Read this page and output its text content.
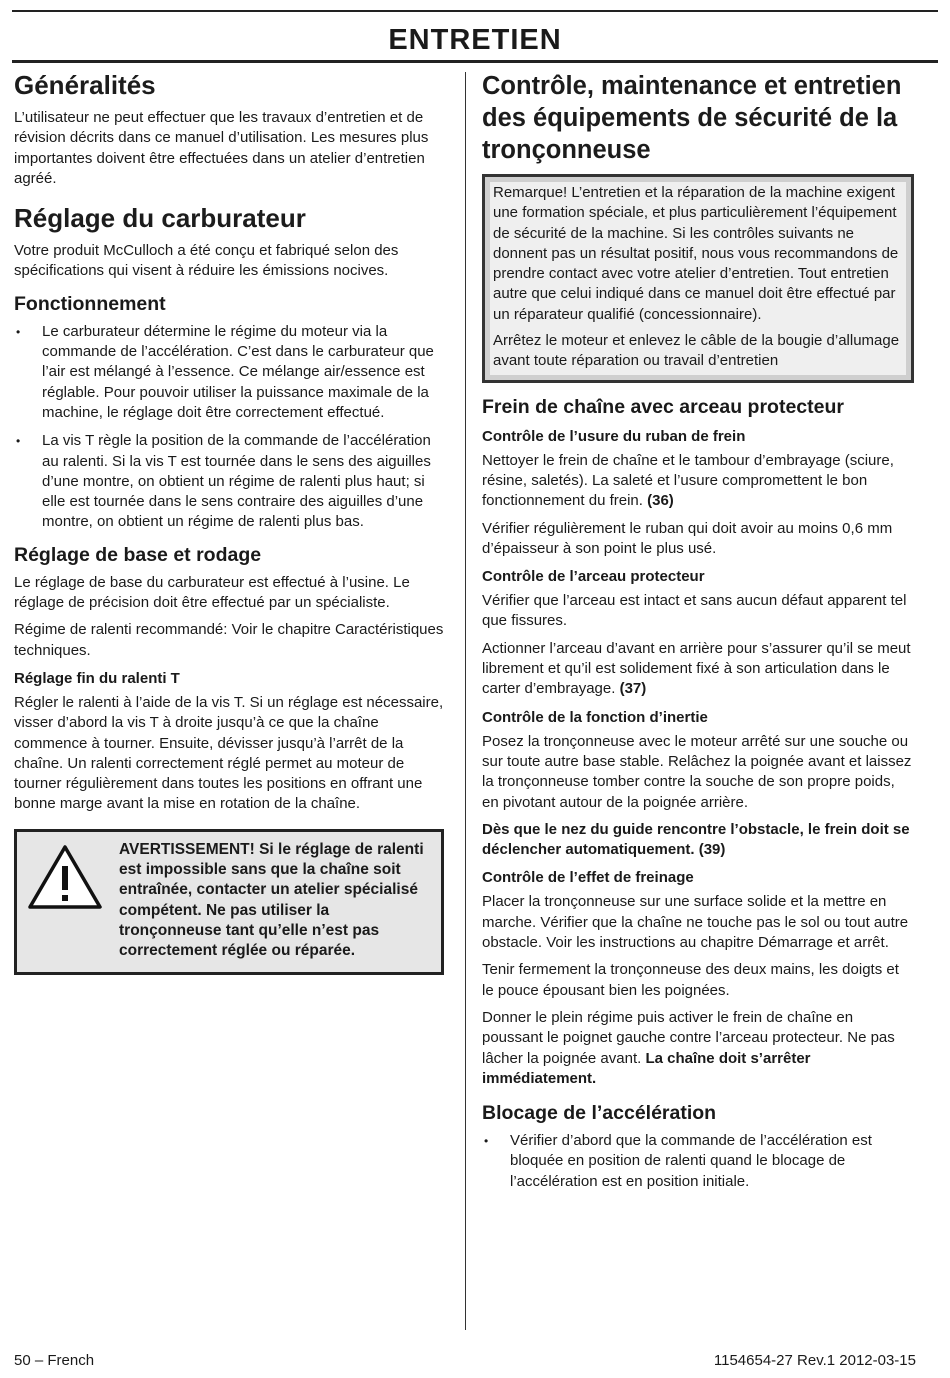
ENTRETIEN
Généralités

L’utilisateur ne peut effectuer que les travaux d’entretien et de révision décrits dans ce manuel d’utilisation. Les mesures plus importantes doivent être effectuées dans un atelier d’entretien agréé.

Réglage du carburateur

Votre produit McCulloch a été conçu et fabriqué selon des spécifications qui visent à réduire les émissions nocives.

Fonctionnement
• Le carburateur détermine le régime du moteur via la commande de l’accélération. C’est dans le carburateur que l’air est mélangé à l’essence. Ce mélange air/essence est réglable. Pour pouvoir utiliser la puissance maximale de la machine, le réglage doit être correctement effectué.
• La vis T règle la position de la commande de l’accélération au ralenti. Si la vis T est tournée dans le sens des aiguilles d’une montre, on obtient un régime de ralenti plus haut; si elle est tournée dans le sens contraire des aiguilles d’une montre, on obtient un régime de ralenti plus bas.
Réglage de base et rodage

Le réglage de base du carburateur est effectué à l’usine. Le réglage de précision doit être effectué par un spécialiste.

Régime de ralenti recommandé: Voir le chapitre Caractéristiques techniques.

Réglage fin du ralenti T

Régler le ralenti à l’aide de la vis T. Si un réglage est nécessaire, visser d’abord la vis T à droite jusqu’à ce que la chaîne commence à tourner. Ensuite, dévisser jusqu’à l’arrêt de la chaîne. Un ralenti correctement réglé permet au moteur de tourner régulièrement dans toutes les positions en offrant une bonne marge avant la mise en rotation de la chaîne.

AVERTISSEMENT! Si le réglage de ralenti est impossible sans que la chaîne soit entraînée, contacter un atelier spécialisé compétent. Ne pas utiliser la tronçonneuse tant qu’elle n’est pas correctement réglée ou réparée.
Contrôle, maintenance et entretien des équipements de sécurité de la tronçonneuse

Remarque! L’entretien et la réparation de la machine exigent une formation spéciale, et plus particulièrement l’équipement de sécurité de la machine. Si les contrôles suivants ne donnent pas un résultat positif, nous vous recommandons de prendre contact avec votre atelier d’entretien. Tout entretien autre que celui indiqué dans ce manuel doit être effectué par un réparateur qualifié (concessionnaire).

Arrêtez le moteur et enlevez le câble de la bougie d’allumage avant toute réparation ou travail d’entretien

Frein de chaîne avec arceau protecteur
Contrôle de l’usure du ruban de frein

Nettoyer le frein de chaîne et le tambour d’embrayage (sciure, résine, saletés). La saleté et l’usure compromettent le bon fonctionnement du frein. (36)

Vérifier régulièrement le ruban qui doit avoir au moins 0,6 mm d’épaisseur à son point le plus usé.

Contrôle de l’arceau protecteur

Vérifier que l’arceau est intact et sans aucun défaut apparent tel que fissures.

Actionner l’arceau d’avant en arrière pour s’assurer qu’il se meut librement et qu’il est solidement fixé à son articulation dans le carter d’embrayage. (37)

Contrôle de la fonction d’inertie

Posez la tronçonneuse avec le moteur arrêté sur une souche ou sur toute autre base stable. Relâchez la poignée avant et laissez la tronçonneuse tomber contre la souche de son propre poids, en pivotant autour de la poignée arrière.

Dès que le nez du guide rencontre l’obstacle, le frein doit se déclencher automatiquement. (39)

Contrôle de l’effet de freinage

Placer la tronçonneuse sur une surface solide et la mettre en marche. Vérifier que la chaîne ne touche pas le sol ou tout autre obstacle. Voir les instructions au chapitre Démarrage et arrêt.

Tenir fermement la tronçonneuse des deux mains, les doigts et le pouce épousant bien les poignées.

Donner le plein régime puis activer le frein de chaîne en poussant le poignet gauche contre l’arceau protecteur. Ne pas lâcher la poignée avant. La chaîne doit s’arrêter immédiatement.

Blocage de l’accélération
• Vérifier d’abord que la commande de l’accélération est bloquée en position de ralenti quand le blocage de l’accélération est en position initiale.
50 – French	1154654-27 Rev.1 2012-03-15
